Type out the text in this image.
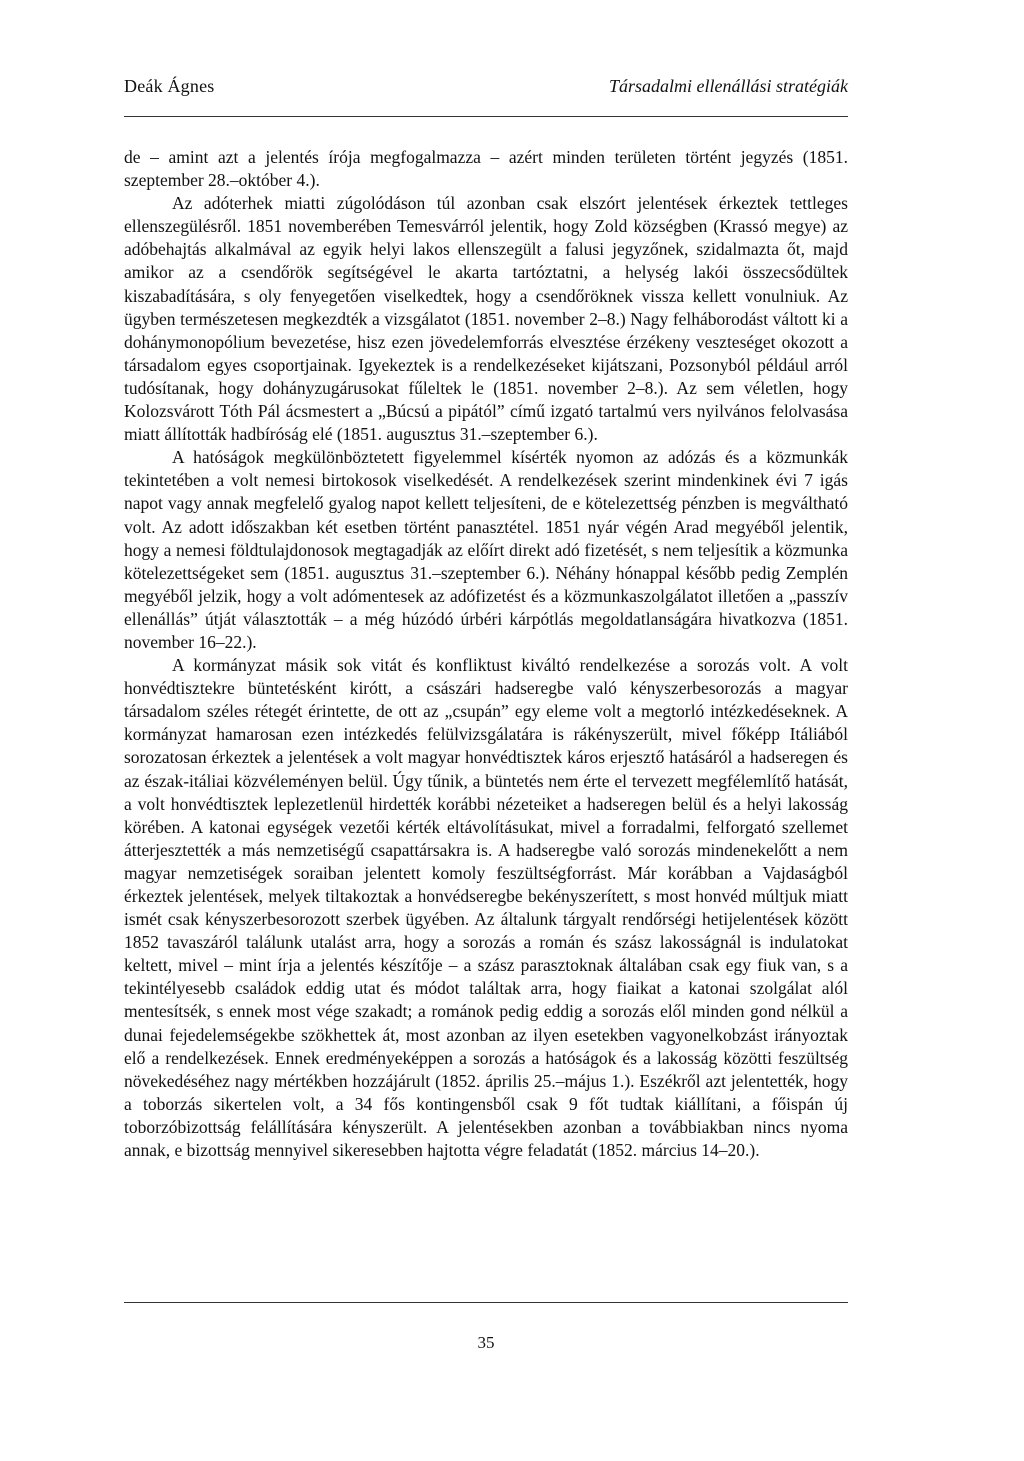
Deák Ágnes	Társadalmi ellenállási stratégiák

de – amint azt a jelentés írója megfogalmazza – azért minden területen történt jegyzés (1851. szeptember 28.–október 4.).

Az adóterhek miatti zúgolódáson túl azonban csak elszórt jelentések érkeztek tettleges ellenszegülésről. 1851 novemberében Temesvárról jelentik, hogy Zold községben (Krassó megye) az adóbehajtás alkalmával az egyik helyi lakos ellenszegült a falusi jegyzőnek, szidalmazta őt, majd amikor az a csendőrök segítségével le akarta tartóztatni, a helység lakói összecsődültek kiszabadítására, s oly fenyegetően viselkedtek, hogy a csendőröknek vissza kellett vonulniuk. Az ügyben természetesen megkezdték a vizsgálatot (1851. november 2–8.) Nagy felháborodást váltott ki a dohánymonopólium bevezetése, hisz ezen jövedelemforrás elvesztése érzékeny veszteséget okozott a társadalom egyes csoportjainak. Igyekeztek is a rendelkezéseket kijátszani, Pozsonyból például arról tudósítanak, hogy dohányzugárusokat fűleltek le (1851. november 2–8.). Az sem véletlen, hogy Kolozsvárott Tóth Pál ácsmestert a „Búcsú a pipától” című izgató tartalmú vers nyilvános felolvasása miatt állították hadbíróság elé (1851. augusztus 31.–szeptember 6.).

A hatóságok megkülönböztetett figyelemmel kísérték nyomon az adózás és a közmunkák tekintetében a volt nemesi birtokosok viselkedését. A rendelkezések szerint mindenkinek évi 7 igás napot vagy annak megfelelő gyalog napot kellett teljesíteni, de e kötelezettség pénzben is megváltható volt. Az adott időszakban két esetben történt panasztétel. 1851 nyár végén Arad megyéből jelentik, hogy a nemesi földtulajdonosok megtagadják az előírt direkt adó fizetését, s nem teljesítik a közmunka kötelezettségeket sem (1851. augusztus 31.–szeptember 6.). Néhány hónappal később pedig Zemplén megyéből jelzik, hogy a volt adómentesek az adófizetést és a közmunkaszolgálatot illetően a „passzív ellenállás” útját választották – a még húzódó úrbéri kárpótlás megoldatlanságára hivatkozva (1851. november 16–22.).

A kormányzat másik sok vitát és konfliktust kiváltó rendelkezése a sorozás volt. A volt honvédtisztekre büntetésként kirótt, a császári hadseregbe való kényszerbesorozás a magyar társadalom széles rétegét érintette, de ott az „csupán” egy eleme volt a megtorló intézkedéseknek. A kormányzat hamarosan ezen intézkedés felülvizsgálatára is rákényszerült, mivel főképp Itáliából sorozatosan érkeztek a jelentések a volt magyar honvédtisztek káros erjesztő hatásáról a hadseregen és az észak-itáliai közvéleményen belül. Úgy tűnik, a büntetés nem érte el tervezett megfélemlítő hatását, a volt honvédtisztek leplezetlenül hirdették korábbi nézeteiket a hadseregen belül és a helyi lakosság körében. A katonai egységek vezetői kérték eltávolításukat, mivel a forradalmi, felforgató szellemet átterjesztették a más nemzetiségű csapattársakra is. A hadseregbe való sorozás mindenekelőtt a nem magyar nemzetiségek soraiban jelentett komoly feszültségforrást. Már korábban a Vajdaságból érkeztek jelentések, melyek tiltakoztak a honvédseregbe bekényszerített, s most honvéd múltjuk miatt ismét csak kényszerbesorozott szerbek ügyében. Az általunk tárgyalt rendőrségi hetijelentések között 1852 tavaszáról találunk utalást arra, hogy a sorozás a román és szász lakosságnál is indulatokat keltett, mivel – mint írja a jelentés készítője – a szász parasztoknak általában csak egy fiuk van, s a tekintélyesebb családok eddig utat és módot találtak arra, hogy fiaikat a katonai szolgálat alól mentesítsék, s ennek most vége szakadt; a románok pedig eddig a sorozás elől minden gond nélkül a dunai fejedelemségekbe szökhettek át, most azonban az ilyen esetekben vagyonelkobzást irányoztak elő a rendelkezések. Ennek eredményeképpen a sorozás a hatóságok és a lakosság közötti feszültség növekedéséhez nagy mértékben hozzájárult (1852. április 25.–május 1.). Eszékről azt jelentették, hogy a toborzás sikertelen volt, a 34 fős kontingensből csak 9 főt tudtak kiállítani, a főispán új toborzóbizottság felállítására kényszerült. A jelentésekben azonban a továbbiakban nincs nyoma annak, e bizottság mennyivel sikeresebben hajtotta végre feladatát (1852. március 14–20.).

35
